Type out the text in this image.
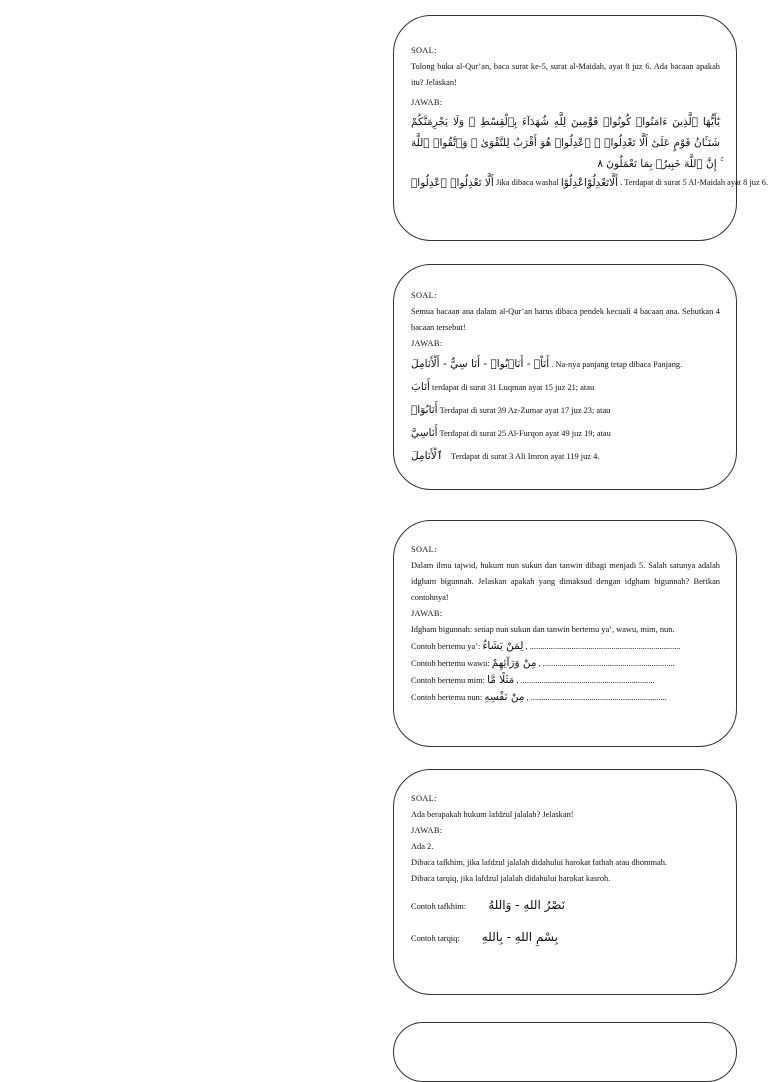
SOAL:
Tolong buka al-Qur’an, baca surat ke-5, surat al-Maidah, ayat 8 juz 6. Ada bacaan apakah itu? Jelaskan!
JAWAB:
يَٰٓأَيُّهَا ٱلَّذِينَ ءَامَنُوا۟ كُونُوا۟ قَوَّٰمِينَ لِلَّهِ شُهَدَآءَ بِٱلْقِسْطِ ۖ وَلَا يَجْرِمَنَّكُمْ شَنَـَٔانُ قَوْمٍ عَلَىٰٓ أَلَّا تَعْدِلُوا۟ ۚ ٱعْدِلُوا۟ هُوَ أَقْرَبُ لِلتَّقْوَىٰ ۖ وَٱتَّقُوا۟ ٱللَّهَ ۚ إِنَّ ٱللَّهَ خَبِيرٌۢ بِمَا تَعْمَلُونَ ٨
أَلَّا تَعْدِلُوا۟ ٱعْدِلُوا۟ Jika dibaca washal أَلَّاتَعْدِلُوْاعْدِلُوْا . Terdapat di surat 5 Al-Maidah ayat 8 juz 6.
SOAL:
Semua bacaan ana dalam al-Qur’an harus dibaca pendek kecuali 4 bacaan ana. Sebutkan 4 bacaan tersebut!
JAWAB:
أَنَاْ۠ - أَنَا۠بُوا۟ - أَنَا سِيٌّ - أَلْأَنَامِلَ . Na-nya panjang tetap dibaca Panjang.
أَنَابَ terdapat di surat 31 Luqman ayat 15 juz 21; atau
أَنَابُوٓا۟ Terdapat di surat 39 Az-Zumar ayat 17 juz 23; atau
أَنَاسِيَّ Terdapat di surat 25 Al-Furqon ayat 49 juz 19; atau
ٱلْأَنَامِلَ Terdapat di surat 3 Ali Imron ayat 119 juz 4.
SOAL:
Dalam ilmu tajwid, hukum nun sukun dan tanwin dibagi menjadi 5. Salah satunya adalah idgham bigunnah. Jelaskan apakah yang dimaksud dengan idgham bigunnah? Berikan contohnya!
JAWAB:
Idgham bigunnah: setiap nun sukun dan tanwin bertemu ya’, wawu, mim, nun.
Contoh bertemu ya’: لِمَنْ يَشَاءُ , ........................................................................
Contoh bertemu wawu: مِنْ وَرَآئِهِمْ , ...............................................................
Contoh bertemu mim: مَثَلًا مَّا , ................................................................
Contoh bertemu nun: مِنْ نَفْسِهِ , .................................................................
SOAL:
Ada berapakah hukum lafdzul jalalah? Jelaskan!
JAWAB:
Ada 2.
Dibaca tafkhim, jika lafdzul jalalah didahului harokat fathah atau dhommah.
Dibaca tarqiq, jika lafdzul jalalah didahului harokat kasroh.
Contoh tafkhim: نَصْرُ اللهِ - وَاللهُ
Contoh tarqiq: بِسْمِ اللهِ - بِاللهِ
